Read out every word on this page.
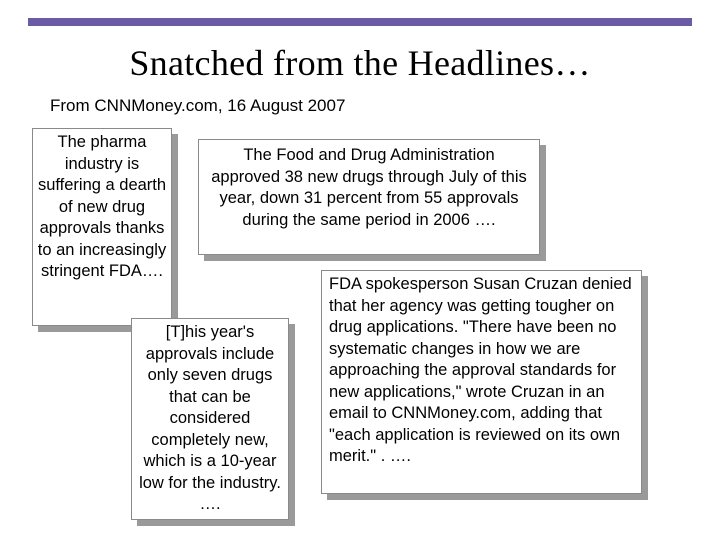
Snatched from the Headlines…

From CNNMoney.com, 16 August 2007

The pharma industry is suffering a dearth of new drug approvals thanks to an increasingly stringent FDA….
The Food and Drug Administration approved 38 new drugs through July of this year, down 31 percent from 55 approvals during the same period in 2006 ….
[T]his year's approvals include only seven drugs that can be considered completely new, which is a 10-year low for the industry. ….
FDA spokesperson Susan Cruzan denied that her agency was getting tougher on drug applications. "There have been no systematic changes in how we are approaching the approval standards for new applications," wrote Cruzan in an email to CNNMoney.com, adding that "each application is reviewed on its own merit." . ….
